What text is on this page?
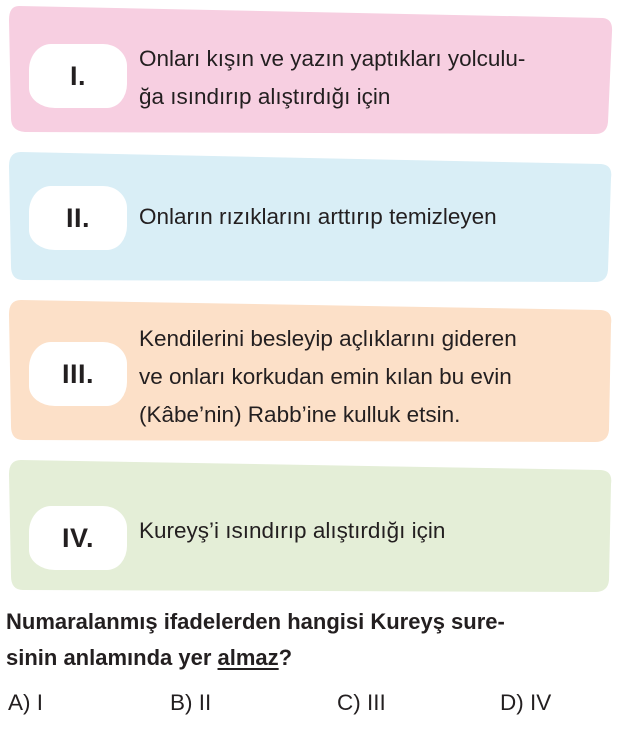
I.
Onları kışın ve yazın yaptıkları yolculu-
ğa ısındırıp alıştırdığı için
II. Onların rızıklarını arttırıp temizleyen
III.
Kendilerini besleyip açlıklarını gideren
ve onları korkudan emin kılan bu evin
(Kâbe’nin) Rabb’ine kulluk etsin.
IV. Kureyş’i ısındırıp alıştırdığı için
Numaralanmış ifadelerden hangisi Kureyş sure-
sinin anlamında yer almaz?
A) I	B) II	C) III	D) IV
